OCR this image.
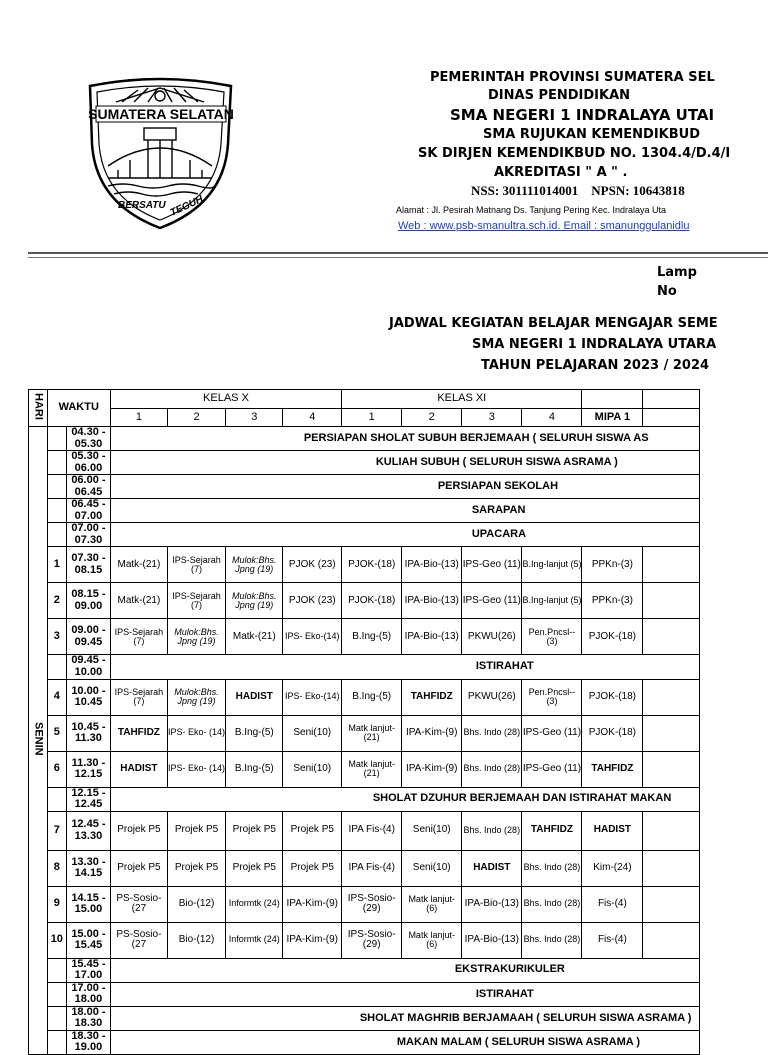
SUMATERA SELATAN
BERSATU TEGUH
PEMERINTAH PROVINSI SUMATERA SEL
DINAS PENDIDIKAN
SMA NEGERI 1 INDRALAYA UTAI
SMA RUJUKAN KEMENDIKBUD
SK DIRJEN KEMENDIKBUD NO. 1304.4/D.4/I
AKREDITASI " A " .
NSS: 301111014001    NPSN: 10643818
Alamat : Jl. Pesirah Matnang Ds. Tanjung Pering Kec. Indralaya Uta
Web : www.psb-smanultra.sch.id. Email : smanunggulanidlu
Lamp
No
JADWAL KEGIATAN BELAJAR MENGAJAR SEME
SMA NEGERI 1 INDRALAYA UTARA
TAHUN PELAJARAN 2023 / 2024
HARI	WAKTU		KELAS X				KELAS XI					
			1	2	3	4	1	2	3	4	MIPA 1	
SENIN		04.30 - 05.30	PERSIAPAN SHOLAT SUBUH BERJEMAAH ( SELURUH SISWA AS									
		05.30 - 06.00	KULIAH SUBUH ( SELURUH SISWA ASRAMA )									
		06.00 - 06.45	PERSIAPAN SEKOLAH									
		06.45 - 07.00	SARAPAN									
		07.00 - 07.30	UPACARA									
	1	07.30 - 08.15	Matk-(21)	IPS-Sejarah (7)	Mulok:Bhs. Jpng (19)	PJOK (23)	PJOK-(18)	IPA-Bio-(13)	IPS-Geo (11)	B.Ing-lanjut (5)	PPKn-(3)	
	2	08.15 - 09.00	Matk-(21)	IPS-Sejarah (7)	Mulok:Bhs. Jpng (19)	PJOK (23)	PJOK-(18)	IPA-Bio-(13)	IPS-Geo (11)	B.Ing-lanjut (5)	PPKn-(3)	
	3	09.00 - 09.45	IPS-Sejarah (7)	Mulok:Bhs. Jpng (19)	Matk-(21)	IPS- Eko-(14)	B.Ing-(5)	IPA-Bio-(13)	PKWU(26)	Pen.Pncsl-- (3)	PJOK-(18)	
		09.45 - 10.00	ISTIRAHAT									
	4	10.00 - 10.45	IPS-Sejarah (7)	Mulok:Bhs. Jpng (19)	HADIST	IPS- Eko-(14)	B.Ing-(5)	TAHFIDZ	PKWU(26)	Pen.Pncsl-- (3)	PJOK-(18)	
	5	10.45 - 11.30	TAHFIDZ	IPS- Eko- (14)	B.Ing-(5)	Seni(10)	Matk lanjut- (21)	IPA-Kim-(9)	Bhs. Indo (28)	IPS-Geo (11)	PJOK-(18)	
	6	11.30 - 12.15	HADIST	IPS- Eko- (14)	B.Ing-(5)	Seni(10)	Matk lanjut- (21)	IPA-Kim-(9)	Bhs. Indo (28)	IPS-Geo (11)	TAHFIDZ	
		12.15 - 12.45	SHOLAT DZUHUR BERJEMAAH DAN ISTIRAHAT MAKAN									
	7	12.45 - 13.30	Projek P5	Projek P5	Projek P5	Projek P5	IPA Fis-(4)	Seni(10)	Bhs. Indo (28)	TAHFIDZ	HADIST	
	8	13.30 - 14.15	Projek P5	Projek P5	Projek P5	Projek P5	IPA Fis-(4)	Seni(10)	HADIST	Bhs. Indo (28)	Kim-(24)	
	9	14.15 - 15.00	PS-Sosio-(27	Bio-(12)	Informtk (24)	IPA-Kim-(9)	IPS-Sosio-(29)	Matk lanjut- (6)	IPA-Bio-(13)	Bhs. Indo (28)	Fis-(4)	
	10	15.00 - 15.45	PS-Sosio-(27	Bio-(12)	Informtk (24)	IPA-Kim-(9)	IPS-Sosio-(29)	Matk lanjut- (6)	IPA-Bio-(13)	Bhs. Indo (28)	Fis-(4)	
		15.45 - 17.00	EKSTRAKURIKULER									
		17.00 - 18.00	ISTIRAHAT									
		18.00 - 18.30	SHOLAT MAGHRIB BERJAMAAH ( SELURUH SISWA ASRAMA )									
		18.30 - 19.00	MAKAN MALAM ( SELURUH SISWA ASRAMA )									
